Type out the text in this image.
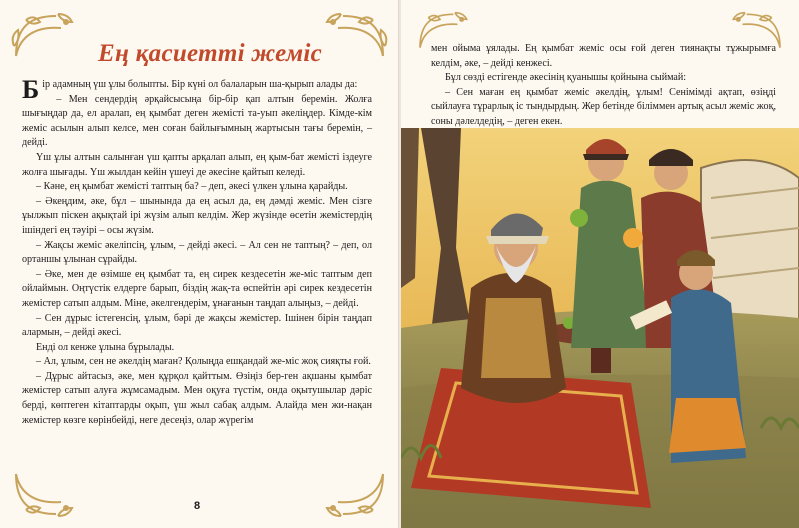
Ең қасиетті жеміс

Бір адамның үш ұлы болыпты. Бір күні ол балаларын ша-қырып алады да:

– Мен сендердің әрқайсысыңа бір-бір қап алтын беремін. Жолға шығыңдар да, ел аралап, ең қымбат деген жемісті та-уып әкеліңдер. Кімде-кім жеміс асылын алып келсе, мен соған байлығымның жартысын тағы беремін, – дейді.

Үш ұлы алтын салынған үш қапты арқалап алып, ең қым-бат жемісті іздеуге жолға шығады. Үш жылдан кейін үшеуі де әкесіне қайтып келеді.

– Кәне, ең қымбат жемісті таптың ба? – деп, әкесі үлкен ұлына қарайды.

– Әкеңдим, әке, бұл – шынында да ең асыл да, ең дәмді жеміс. Мен сізге ұылжып піскен ақықтай ірі жүзім алып келдім. Жер жүзінде өсетін жемістердің ішіндегі ең тәуірі – осы жүзім.

– Жақсы жеміс әкеліпсің, ұлым, – дейді әкесі. – Ал сен не таптың? – деп, ол ортаншы ұлынан сұрайды.

– Әке, мен де өзімше ең қымбат та, ең сирек кездесетін же-міс таптым деп ойлаймын. Оңтүстік елдерге барып, біздің жақ-та өспейтін әрі сирек кездесетін жемістер сатып алдым. Міне, әкелгендерім, ұнағанын таңдап алыңыз, – дейді.

– Сен дұрыс істегенсің, ұлым, бәрі де жақсы жемістер. Ішінен бірін таңдап алармын, – дейді әкесі.

Енді ол кенже ұлына бұрылады.

– Ал, ұлым, сен не әкелдің маған? Қолыңда ешқандай же-міс жоқ сияқты ғой.

– Дұрыс айтасыз, әке, мен құрқол қайттым. Өзіңіз бер-ген ақшаны қымбат жемістер сатып алуға жұмсамадым. Мен оқуға түстім, онда оқытушылар дәріс берді, көптеген кітаптарды оқып, үш жыл сабақ алдым. Алайда мен жи-нақан жемістер көзге көрінбейді, неге десеңіз, олар жүрегім

8

мен ойыма ұялады. Ең қымбат жеміс осы ғой деген тиянақты тұжырымға келдім, әке, – дейді кенжесі.

Бұл сөзді естігенде әкесінің қуанышы қойнына сыймай:

– Сен маған ең қымбат жеміс әкелдің, ұлым! Сенімімді ақтап, өзіңді сыйлауға тұрарлық іс тындырдың. Жер бетінде біліммен артық асыл жеміс жоқ, соны дәлелдедің, – деген екен.
